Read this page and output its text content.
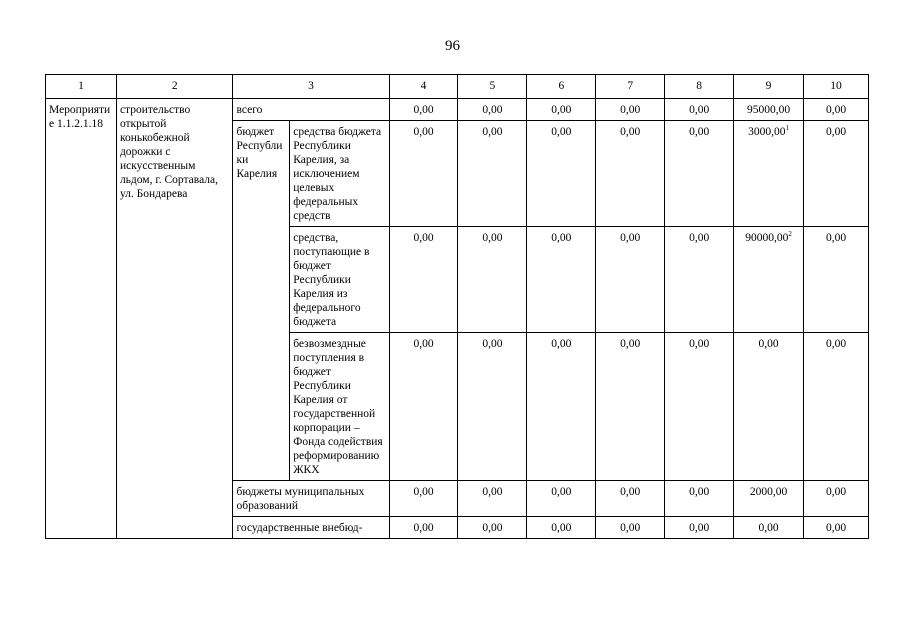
96
1	2	3		4	5	6	7	8	9	10
Мероприятие 1.1.2.1.18	строительство открытой конькобежной дорожки с искусственным льдом, г. Сортавала, ул. Бондарева	всего		0,00	0,00	0,00	0,00	0,00	95000,00	0,00
		бюджет Республики Карелия	средства бюджета Республики Карелия, за исключением целевых федеральных средств	0,00	0,00	0,00	0,00	0,00	3000,00$^1$	0,00
			средства, поступающие в бюджет Республики Карелия из федерального бюджета	0,00	0,00	0,00	0,00	0,00	90000,00$^2$	0,00
			безвозмездные поступления в бюджет Республики Карелия от государственной корпорации – Фонда содействия реформированию ЖКХ	0,00	0,00	0,00	0,00	0,00	0,00	0,00
		бюджеты муниципальных образований		0,00	0,00	0,00	0,00	0,00	2000,00	0,00
		государственные внебюд-		0,00	0,00	0,00	0,00	0,00	0,00	0,00
